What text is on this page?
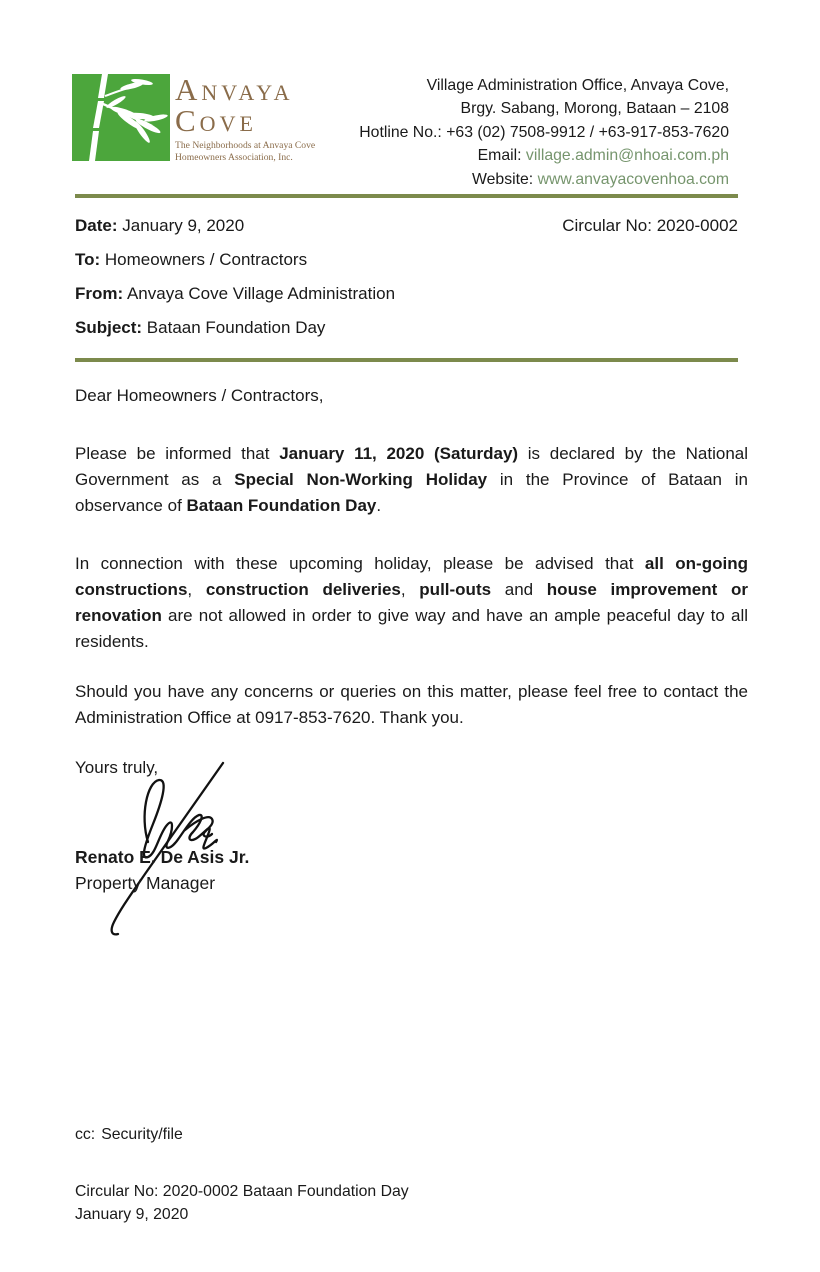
Anvaya
Cove
The Neighborhoods at Anvaya Cove
Homeowners Association, Inc.
Village Administration Office, Anvaya Cove,
Brgy. Sabang, Morong, Bataan – 2108
Hotline No.: +63 (02) 7508-9912 / +63-917-853-7620
Email: village.admin@nhoai.com.ph
Website: www.anvayacovenhoa.com
Date: January 9, 2020	Circular No: 2020-0002
To: Homeowners / Contractors
From: Anvaya Cove Village Administration
Subject: Bataan Foundation Day

Dear Homeowners / Contractors,

Please be informed that January 11, 2020 (Saturday) is declared by the National Government as a Special Non-Working Holiday in the Province of Bataan in observance of Bataan Foundation Day.

In connection with these upcoming holiday, please be advised that all on-going constructions, construction deliveries, pull-outs and house improvement or renovation are not allowed in order to give way and have an ample peaceful day to all residents.

Should you have any concerns or queries on this matter, please feel free to contact the Administration Office at 0917-853-7620. Thank you.

Yours truly,

Renato E. De Asis Jr.

Property Manager

cc: Security/file
Circular No: 2020-0002 Bataan Foundation Day
January 9, 2020
